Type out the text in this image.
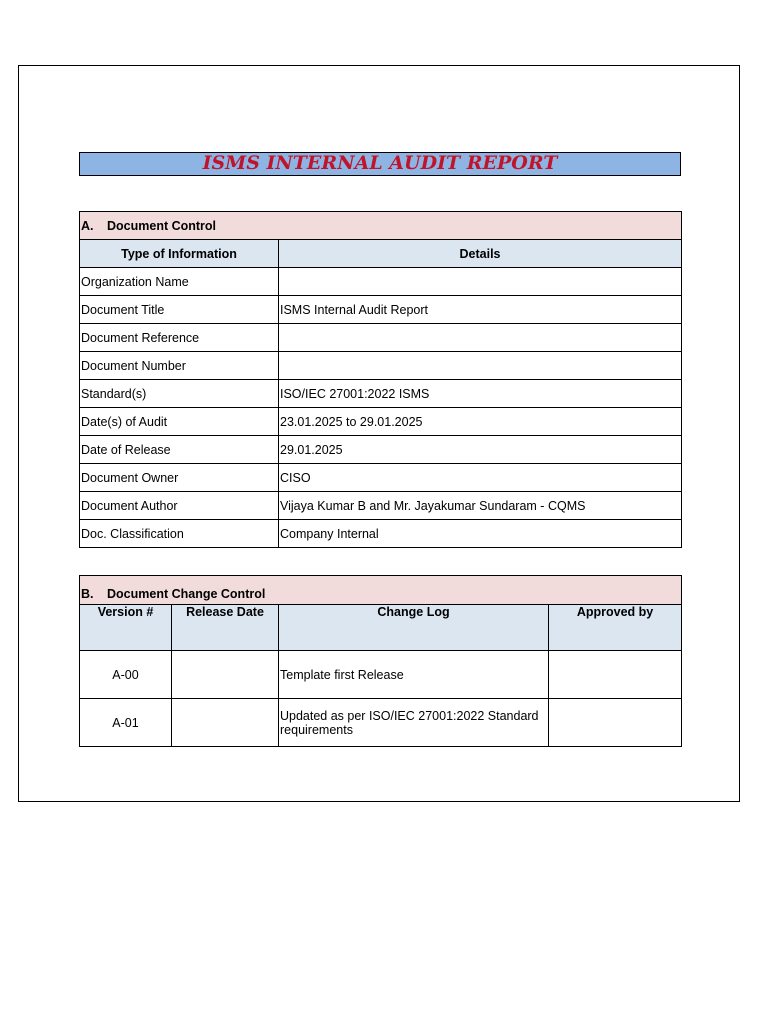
ISMS INTERNAL AUDIT REPORT
A. Document Control	
Type of Information	Details
Organization Name	
Document Title	ISMS Internal Audit Report
Document Reference	
Document Number	
Standard(s)	ISO/IEC 27001:2022 ISMS
Date(s) of Audit	23.01.2025 to 29.01.2025
Date of Release	29.01.2025
Document Owner	CISO
Document Author	Vijaya Kumar B and Mr. Jayakumar Sundaram - CQMS
Doc. Classification	Company Internal
B. Document Change Control			
Version #	Release Date	Change Log	Approved by
A-00		Template first Release	
A-01		Updated as per ISO/IEC 27001:2022 Standard requirements	
